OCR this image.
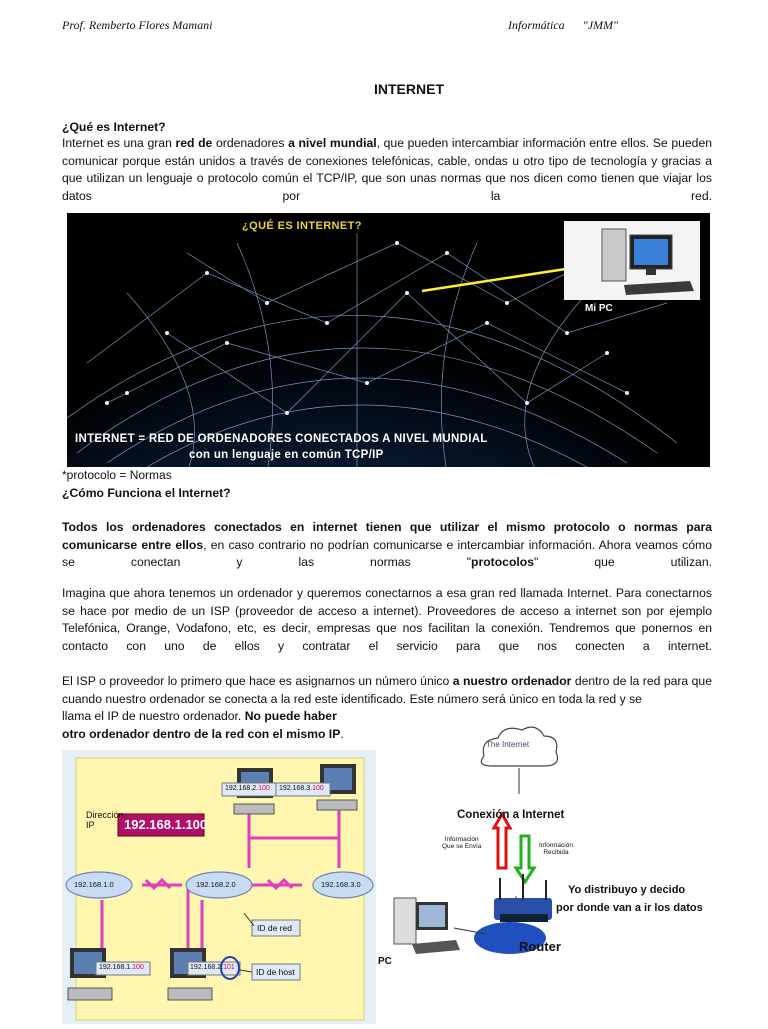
Prof. Remberto Flores Mamani	Informática "JMM"
INTERNET
¿Qué es Internet?
Internet es una gran red de ordenadores a nivel mundial, que pueden intercambiar información entre ellos. Se pueden comunicar porque están unidos a través de conexiones telefónicas, cable, ondas u otro tipo de tecnología y gracias a que utilizan un lenguaje o protocolo común el TCP/IP, que son unas normas que nos dicen como tienen que viajar los datos por la red.
¿QUÉ ES INTERNET?
Mi PC
INTERNET = RED DE ORDENADORES CONECTADOS A NIVEL MUNDIAL
con un lenguaje en común TCP/IP
*protocolo = Normas
¿Cómo Funciona el Internet?
Todos los ordenadores conectados en internet tienen que utilizar el mismo protocolo o normas para comunicarse entre ellos, en caso contrario no podrían comunicarse e intercambiar información. Ahora veamos cómo se conectan y las normas "protocolos" que utilizan.
Imagina que ahora tenemos un ordenador y queremos conectarnos a esa gran red llamada Internet. Para conectarnos se hace por medio de un ISP (proveedor de acceso a internet). Proveedores de acceso a internet son por ejemplo Telefónica, Orange, Vodafono, etc, es decir, empresas que nos facilitan la conexión. Tendremos que ponernos en contacto con uno de ellos y contratar el servicio para que nos conecten a internet.
El ISP o proveedor lo primero que hace es asignarnos un número único a nuestro ordenador dentro de la red para que cuando nuestro ordenador se conecta a la red este identificado. Este número será único en toda la red y se
llama el IP de nuestro ordenador. No puede haber otro ordenador dentro de la red con el mismo IP.
Dirección
IP	192.168.1.100
192.168.2.100 192.168.3.100
192.168.1.0	192.168.2.0	192.168.3.0
192.168.1.100	192.168.2.101
ID de red
ID de host
The Internet
Conexión a Internet
Información
Que se Envía	Información
Recibida
Yo distribuyo y decido
por donde van a ir los datos
Router
PC
